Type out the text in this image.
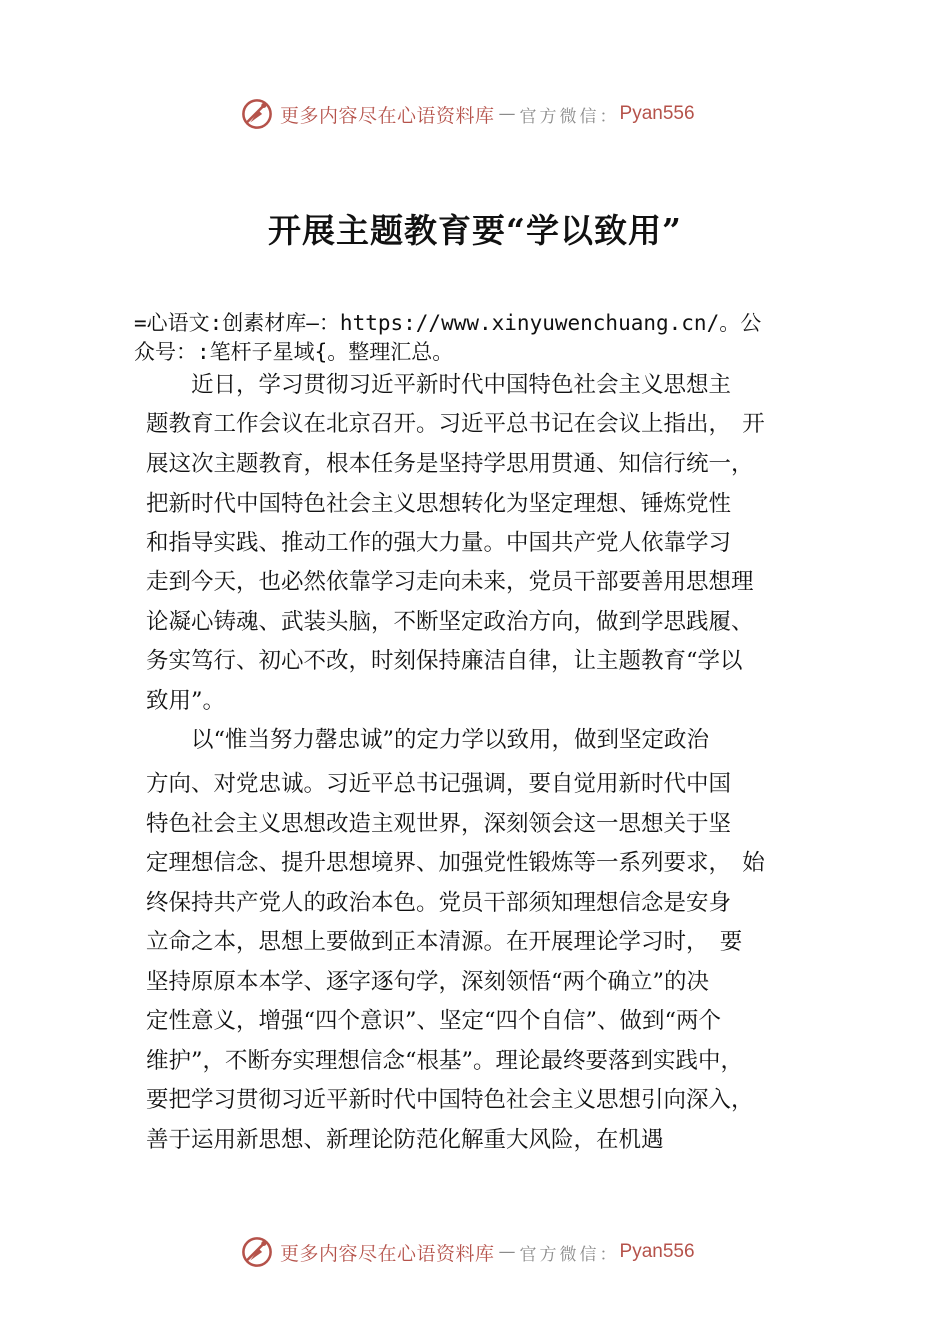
更多内容尽在心语资料库 — 官方微信： Pyan556
开展主题教育要“学以致用”
=心语文:创素材库—：https://www.xinyuwenchuang.cn/。公
众号：:笔杆子星域{。整理汇总。
　　近日，学习贯彻习近平新时代中国特色社会主义思想主
题教育工作会议在北京召开。习近平总书记在会议上指出，　开
展这次主题教育，根本任务是坚持学思用贯通、知信行统一，
把新时代中国特色社会主义思想转化为坚定理想、锤炼党性
和指导实践、推动工作的强大力量。中国共产党人依靠学习
走到今天，也必然依靠学习走向未来，党员干部要善用思想理
论凝心铸魂、武装头脑，不断坚定政治方向，做到学思践履、
务实笃行、初心不改，时刻保持廉洁自律，让主题教育“学以
致用”。
　　以“惟当努力罄忠诚”的定力学以致用，做到坚定政治
方向、对党忠诚。习近平总书记强调，要自觉用新时代中国
特色社会主义思想改造主观世界，深刻领会这一思想关于坚
定理想信念、提升思想境界、加强党性锻炼等一系列要求，　始
终保持共产党人的政治本色。党员干部须知理想信念是安身
立命之本，思想上要做到正本清源。在开展理论学习时，　要
坚持原原本本学、逐字逐句学，深刻领悟“两个确立”的决
定性意义，增强“四个意识”、坚定“四个自信”、做到“两个
维护”，不断夯实理想信念“根基”。理论最终要落到实践中，
要把学习贯彻习近平新时代中国特色社会主义思想引向深入，
善于运用新思想、新理论防范化解重大风险，在机遇
更多内容尽在心语资料库 — 官方微信： Pyan556
